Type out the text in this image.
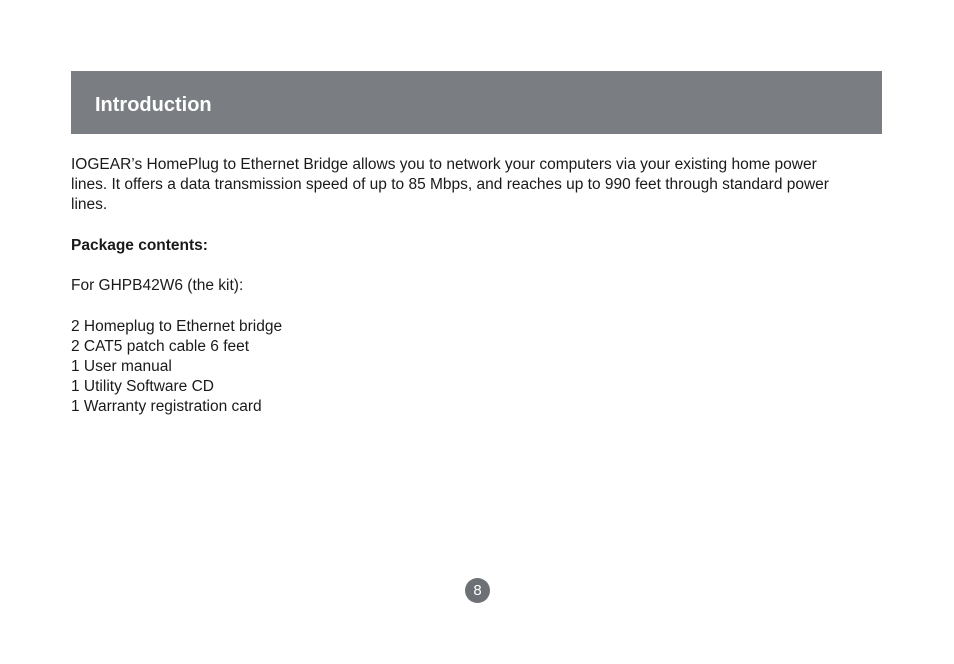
Introduction

IOGEAR’s HomePlug to Ethernet Bridge allows you to network your computers via your existing home power lines. It offers a data transmission speed of up to 85 Mbps, and reaches up to 990 feet through standard power lines.

Package contents:

For GHPB42W6 (the kit):

2 Homeplug to Ethernet bridge
2 CAT5 patch cable 6 feet
1 User manual
1 Utility Software CD
1 Warranty registration card
8
